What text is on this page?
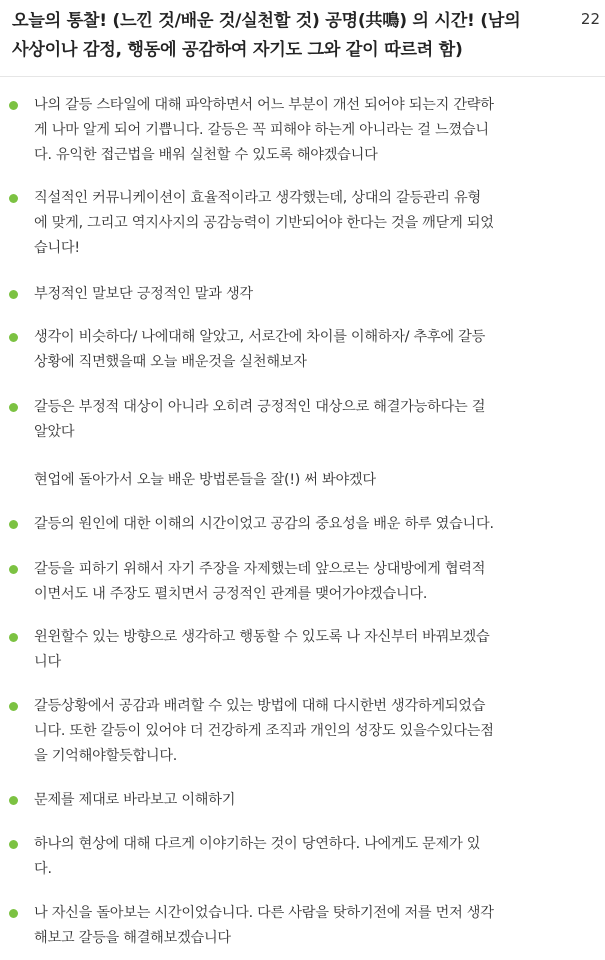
오늘의 통찰! (느낀 것/배운 것/실천할 것) 공명(共鳴) 의 시간! (남의
사상이나 감정, 행동에 공감하여 자기도 그와 같이 따르려 함)
22
나의 갈등 스타일에 대해 파악하면서 어느 부분이 개선 되어야 되는지 간략하
게 나마 알게 되어 기쁩니다. 갈등은 꼭 피해야 하는게 아니라는 걸 느꼈습니
다. 유익한 접근법을 배워 실천할 수 있도록 해야겠습니다
직설적인 커뮤니케이션이 효율적이라고 생각했는데, 상대의 갈등관리 유형
에 맞게, 그리고 역지사지의 공감능력이 기반되어야 한다는 것을 깨닫게 되었
습니다!
부정적인 말보단 긍정적인 말과 생각
생각이 비슷하다/ 나에대해 알았고, 서로간에 차이를 이해하자/ 추후에 갈등
상황에 직면했을때 오늘 배운것을 실천해보자
갈등은 부정적 대상이 아니라 오히려 긍정적인 대상으로 해결가능하다는 걸
알았다
현업에 돌아가서 오늘 배운 방법론들을 잘(!) 써 봐야겠다
갈등의 원인에 대한 이해의 시간이었고 공감의 중요성을 배운 하루 였습니다.
갈등을 피하기 위해서 자기 주장을 자제했는데 앞으로는 상대방에게 협력적
이면서도 내 주장도 펼치면서 긍정적인 관계를 맺어가야겠습니다.
윈윈할수 있는 방향으로 생각하고 행동할 수 있도록 나 자신부터 바꿔보겠습
니다
갈등상황에서 공감과 배려할 수 있는 방법에 대해 다시한번 생각하게되었습
니다. 또한 갈등이 있어야 더 건강하게 조직과 개인의 성장도 있을수있다는점
을 기억해야할듯합니다.
문제를 제대로 바라보고 이해하기
하나의 현상에 대해 다르게 이야기하는 것이 당연하다. 나에게도 문제가 있
다.
나 자신을 돌아보는 시간이었습니다. 다른 사람을 탓하기전에 저를 먼저 생각
해보고 갈등을 해결해보겠습니다
